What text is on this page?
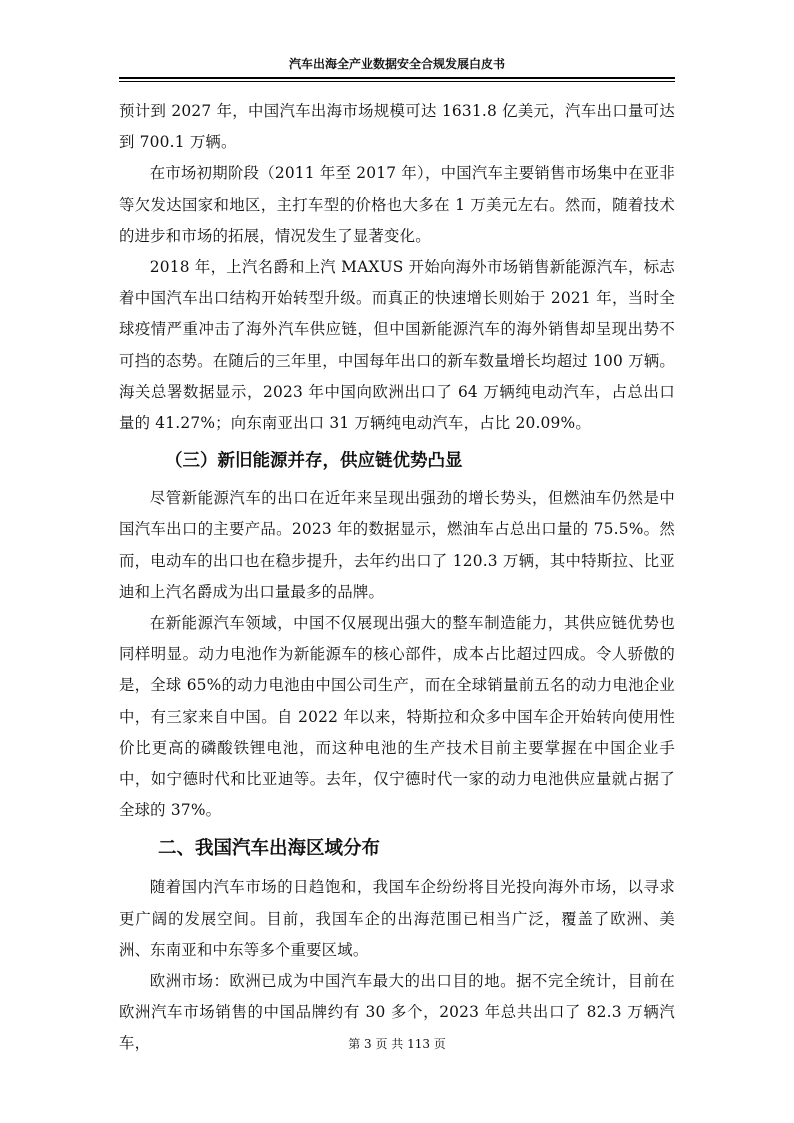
汽车出海全产业数据安全合规发展白皮书

预计到 2027 年，中国汽车出海市场规模可达 1631.8 亿美元，汽车出口量可达到 700.1 万辆。

在市场初期阶段（2011 年至 2017 年），中国汽车主要销售市场集中在亚非等欠发达国家和地区，主打车型的价格也大多在 1 万美元左右。然而，随着技术的进步和市场的拓展，情况发生了显著变化。

2018 年，上汽名爵和上汽 MAXUS 开始向海外市场销售新能源汽车，标志着中国汽车出口结构开始转型升级。而真正的快速增长则始于 2021 年，当时全球疫情严重冲击了海外汽车供应链，但中国新能源汽车的海外销售却呈现出势不可挡的态势。在随后的三年里，中国每年出口的新车数量增长均超过 100 万辆。海关总署数据显示，2023 年中国向欧洲出口了 64 万辆纯电动汽车，占总出口量的 41.27%；向东南亚出口 31 万辆纯电动汽车，占比 20.09%。

（三）新旧能源并存，供应链优势凸显

尽管新能源汽车的出口在近年来呈现出强劲的增长势头，但燃油车仍然是中国汽车出口的主要产品。2023 年的数据显示，燃油车占总出口量的 75.5%。然而，电动车的出口也在稳步提升，去年约出口了 120.3 万辆，其中特斯拉、比亚迪和上汽名爵成为出口量最多的品牌。

在新能源汽车领域，中国不仅展现出强大的整车制造能力，其供应链优势也同样明显。动力电池作为新能源车的核心部件，成本占比超过四成。令人骄傲的是，全球 65%的动力电池由中国公司生产，而在全球销量前五名的动力电池企业中，有三家来自中国。自 2022 年以来，特斯拉和众多中国车企开始转向使用性价比更高的磷酸铁锂电池，而这种电池的生产技术目前主要掌握在中国企业手中，如宁德时代和比亚迪等。去年，仅宁德时代一家的动力电池供应量就占据了全球的 37%。

二、我国汽车出海区域分布

随着国内汽车市场的日趋饱和，我国车企纷纷将目光投向海外市场，以寻求更广阔的发展空间。目前，我国车企的出海范围已相当广泛，覆盖了欧洲、美洲、东南亚和中东等多个重要区域。

欧洲市场：欧洲已成为中国汽车最大的出口目的地。据不完全统计，目前在欧洲汽车市场销售的中国品牌约有 30 多个，2023 年总共出口了 82.3 万辆汽车，	第 3 页 共 113 页
